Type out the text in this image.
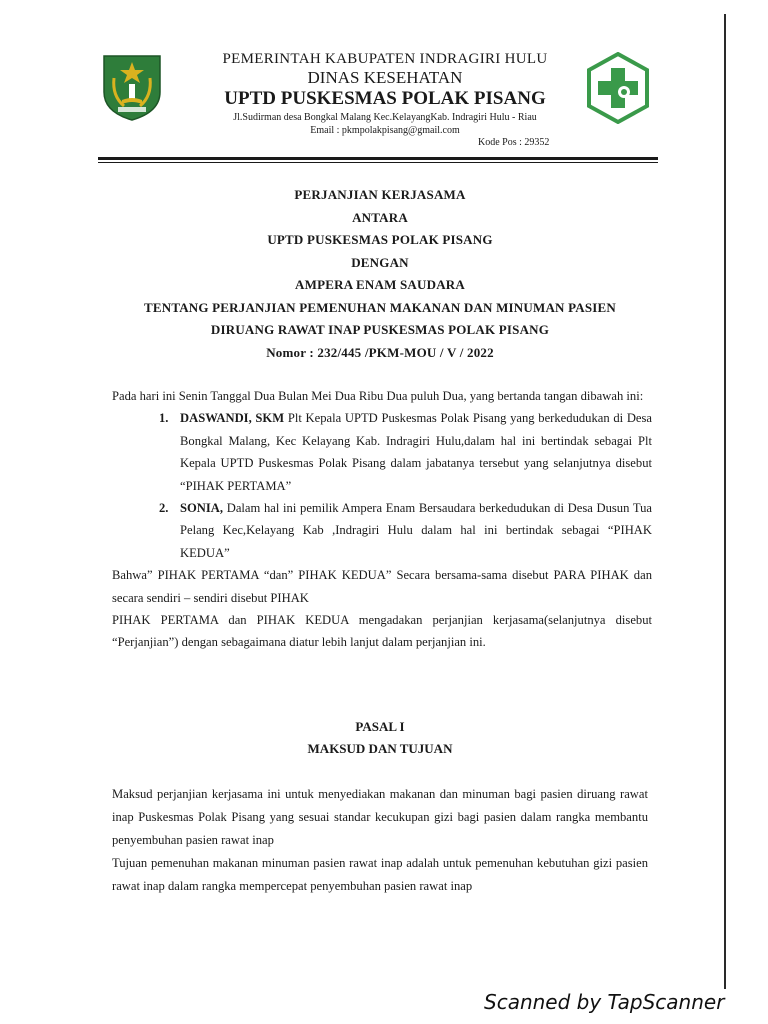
PEMERINTAH KABUPATEN INDRAGIRI HULU
DINAS KESEHATAN
UPTD PUSKESMAS POLAK PISANG
Jl.Sudirman desa Bongkal Malang Kec.KelayangKab. Indragiri Hulu - Riau
Email : pkmpolakpisang@gmail.com
Kode Pos : 29352
PERJANJIAN KERJASAMA
ANTARA
UPTD PUSKESMAS POLAK PISANG
DENGAN
AMPERA ENAM SAUDARA
TENTANG PERJANJIAN PEMENUHAN MAKANAN DAN MINUMAN PASIEN
DIRUANG RAWAT INAP PUSKESMAS POLAK PISANG
Nomor : 232/445 /PKM-MOU / V / 2022

Pada hari ini Senin Tanggal Dua Bulan Mei Dua Ribu Dua puluh Dua, yang bertanda tangan dibawah ini:

1. DASWANDI, SKM Plt Kepala UPTD Puskesmas Polak Pisang yang berkedudukan di Desa Bongkal Malang, Kec Kelayang Kab. Indragiri Hulu,dalam hal ini bertindak sebagai Plt Kepala UPTD Puskesmas Polak Pisang dalam jabatanya tersebut yang selanjutnya disebut “PIHAK PERTAMA”
2. SONIA, Dalam hal ini pemilik Ampera Enam Bersaudara berkedudukan di Desa Dusun Tua Pelang Kec,Kelayang Kab ,Indragiri Hulu dalam hal ini bertindak sebagai “PIHAK KEDUA”

Bahwa” PIHAK PERTAMA “dan” PIHAK KEDUA” Secara bersama-sama disebut PARA PIHAK dan secara sendiri – sendiri disebut PIHAK

PIHAK PERTAMA dan PIHAK KEDUA mengadakan perjanjian kerjasama(selanjutnya disebut “Perjanjian”) dengan sebagaimana diatur lebih lanjut dalam perjanjian ini.

PASAL I
MAKSUD DAN TUJUAN

Maksud perjanjian kerjasama ini untuk menyediakan makanan dan minuman bagi pasien diruang rawat inap Puskesmas Polak Pisang yang sesuai standar kecukupan gizi bagi pasien dalam rangka membantu penyembuhan pasien rawat inap

Tujuan pemenuhan makanan minuman pasien rawat inap adalah untuk pemenuhan kebutuhan gizi pasien rawat inap dalam rangka mempercepat penyembuhan pasien rawat inap

Scanned by TapScanner
